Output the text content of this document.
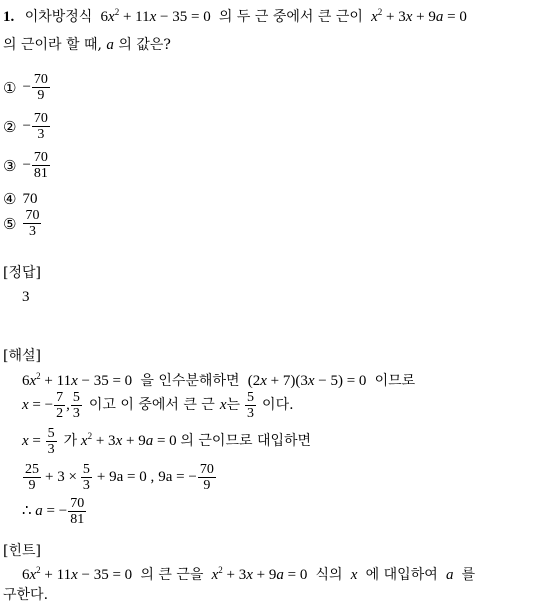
1. 이차방정식  $6x^2 + 11x - 35 = 0$  의 두 근 중에서 큰 근이 $x^2 + 3x + 9a = 0$
의 근이라 할 때, a 의 값은?
① − $\frac{70}{9}$
② − $\frac{70}{3}$
③ − $\frac{70}{81}$
④ 70
⑤ $\frac{70}{3}$
[정답]
3
[해설]
$6x^2 + 11x - 35 = 0$  을 인수분해하면  (2x + 7)(3x − 5) = 0  이므로
x = − $\frac{7}{2}$ , $\frac{5}{3}$ 이고 이 중에서 큰 근 x 는 $\frac{5}{3}$ 이다.
$x = \frac{5}{3}$ 가 $x^2 + 3x + 9a = 0$ 의 근이므로 대입하면
$\frac{25}{9} + 3 \times \frac{5}{3} + 9a = 0$ , 9a = − $\frac{70}{9}$
∴ a = − $\frac{70}{81}$
[힌트]
$6x^2 + 11x - 35 = 0$  의 큰 근을 $x^2 + 3x + 9a = 0$  식의  x  에 대입하여  a  를
구한다.
